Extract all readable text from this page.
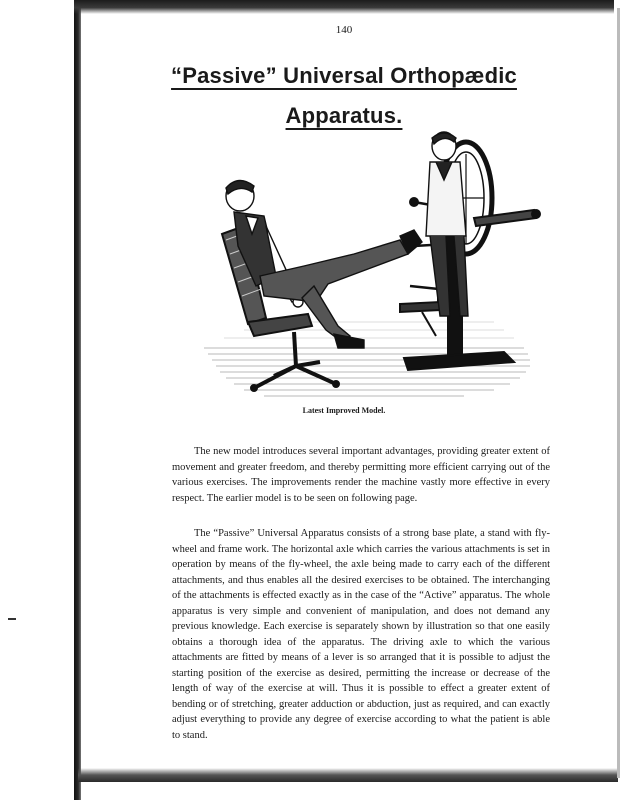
140
“Passive” Universal Orthopædic
Apparatus.
Latest Improved Model.

The new model introduces several important advantages, providing greater extent of movement and greater freedom, and thereby permitting more efficient carrying out of the various exercises. The improvements render the machine vastly more effective in every respect. The earlier model is to be seen on following page.

The “Passive” Universal Apparatus consists of a strong base plate, a stand with fly-wheel and frame work. The horizontal axle which carries the various attachments is set in operation by means of the fly-wheel, the axle being made to carry each of the different attachments, and thus enables all the desired exercises to be obtained. The interchanging of the attachments is effected exactly as in the case of the “Active” apparatus. The whole apparatus is very simple and convenient of manipulation, and does not demand any previous knowledge. Each exercise is separately shown by illustration so that one easily obtains a thorough idea of the apparatus. The driving axle to which the various attachments are fitted by means of a lever is so arranged that it is possible to adjust the starting position of the exercise as desired, permitting the increase or decrease of the length of way of the exercise at will. Thus it is possible to effect a greater extent of bending or of stretching, greater adduction or abduction, just as required, and can exactly adjust everything to provide any degree of exercise according to what the patient is able to stand.
